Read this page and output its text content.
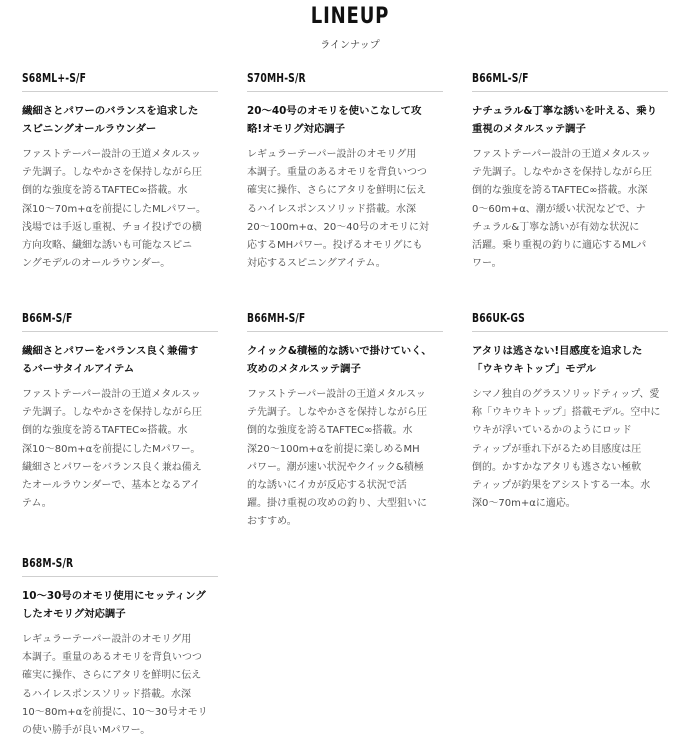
LINEUP
ラインナップ
S68ML+-S/F
繊細さとパワーのバランスを追求した
スピニングオールラウンダー
ファストテーパー設計の王道メタルスッ
テ先調子。しなやかさを保持しながら圧
倒的な強度を誇るTAFTEC∞搭載。水
深10〜70m+αを前提にしたMLパワー。
浅場では手返し重視、チョイ投げでの横
方向攻略、繊細な誘いも可能なスピニ
ングモデルのオールラウンダー。
S70MH-S/R
20〜40号のオモリを使いこなして攻
略!オモリグ対応調子
レギュラーテーパー設計のオモリグ用
本調子。重量のあるオモリを背負いつつ
確実に操作、さらにアタリを鮮明に伝え
るハイレスポンスソリッド搭載。水深
20〜100m+α、20〜40号のオモリに対
応するMHパワー。投げるオモリグにも
対応するスピニングアイテム。
B66ML-S/F
ナチュラル&丁寧な誘いを叶える、乗り
重視のメタルスッテ調子
ファストテーパー設計の王道メタルスッ
テ先調子。しなやかさを保持しながら圧
倒的な強度を誇るTAFTEC∞搭載。水深
0〜60m+α、潮が緩い状況などで、ナ
チュラル&丁寧な誘いが有効な状況に
活躍。乗り重視の釣りに適応するMLパ
ワー。
B66M-S/F
繊細さとパワーをバランス良く兼備す
るバーサタイルアイテム
ファストテーパー設計の王道メタルスッ
テ先調子。しなやかさを保持しながら圧
倒的な強度を誇るTAFTEC∞搭載。水
深10〜80m+αを前提にしたMパワー。
繊細さとパワーをバランス良く兼ね備え
たオールラウンダーで、基本となるアイ
テム。
B66MH-S/F
クイック&積極的な誘いで掛けていく、
攻めのメタルスッテ調子
ファストテーパー設計の王道メタルスッ
テ先調子。しなやかさを保持しながら圧
倒的な強度を誇るTAFTEC∞搭載。水
深20〜100m+αを前提に楽しめるMH
パワー。潮が速い状況やクイック&積極
的な誘いにイカが反応する状況で活
躍。掛け重視の攻めの釣り、大型狙いに
おすすめ。
B66UK-GS
アタリは逃さない!目感度を追求した
「ウキウキトップ」モデル
シマノ独自のグラスソリッドティップ、愛
称「ウキウキトップ」搭載モデル。空中に
ウキが浮いているかのようにロッド
ティップが垂れ下がるため目感度は圧
倒的。かすかなアタリも逃さない極軟
ティップが釣果をアシストする一本。水
深0〜70m+αに適応。
B68M-S/R
10〜30号のオモリ使用にセッティング
したオモリグ対応調子
レギュラーテーパー設計のオモリグ用
本調子。重量のあるオモリを背負いつつ
確実に操作、さらにアタリを鮮明に伝え
るハイレスポンスソリッド搭載。水深
10〜80m+αを前提に、10〜30号オモリ
の使い勝手が良いMパワー。
